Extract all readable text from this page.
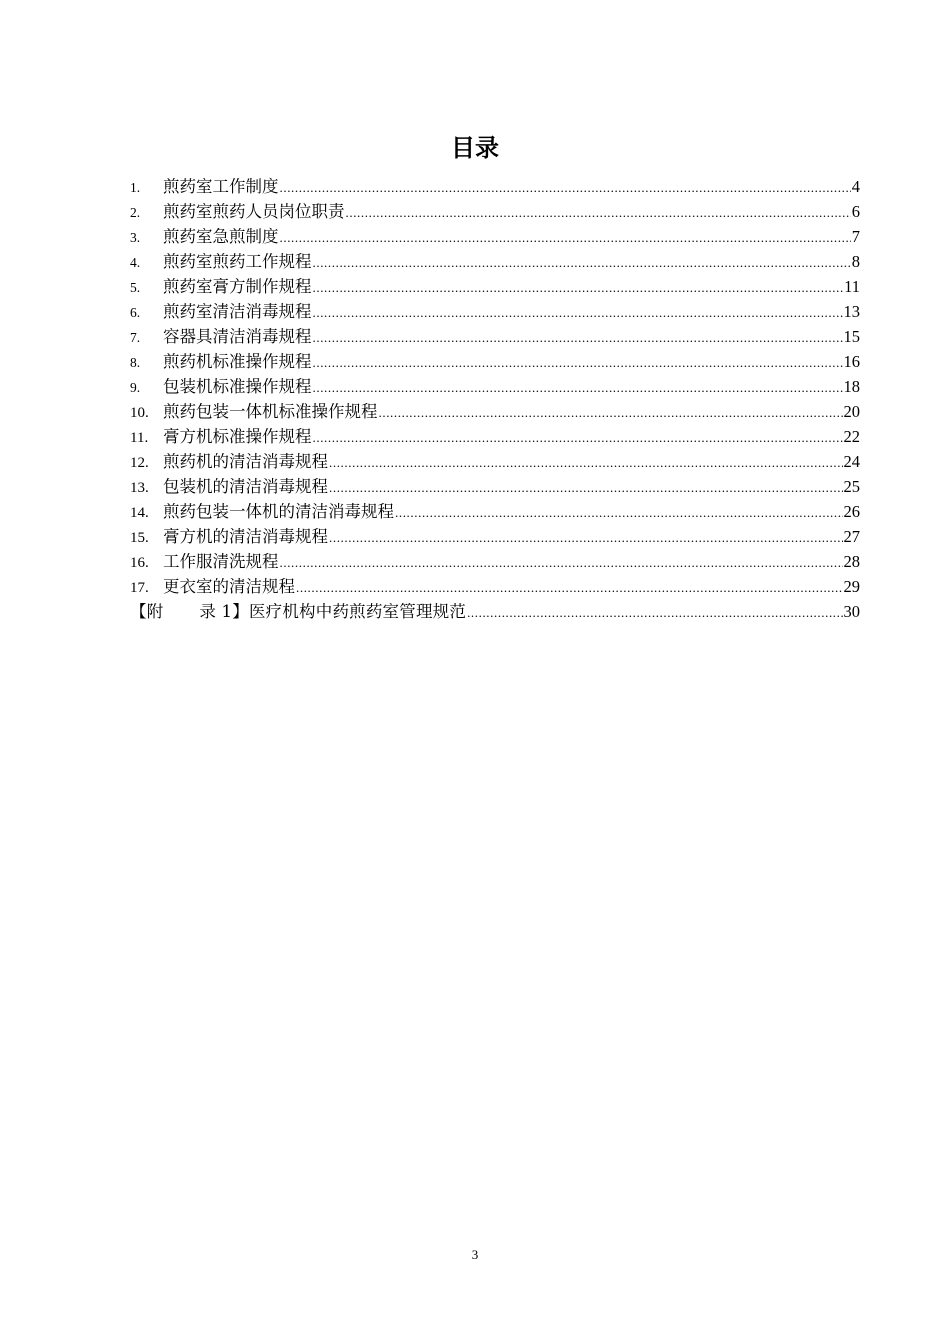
目录
1.	煎药室工作制度 .....	4
2.	煎药室煎药人员岗位职责 .....	6
3.	煎药室急煎制度 .....	7
4.	煎药室煎药工作规程 .....	8
5.	煎药室膏方制作规程 .....	11
6.	煎药室清洁消毒规程 .....	13
7.	容器具清洁消毒规程 .....	15
8.	煎药机标准操作规程 .....	16
9.	包装机标准操作规程 .....	18
10. 煎药包装一体机标准操作规程 .....	20
11. 膏方机标准操作规程 .....	22
12. 煎药机的清洁消毒规程 .....	24
13. 包装机的清洁消毒规程 .....	25
14. 煎药包装一体机的清洁消毒规程 .....	26
15. 膏方机的清洁消毒规程 .....	27
16. 工作服清洗规程 .....	28
17. 更衣室的清洁规程 .....	29
【附 录 1】医疗机构中药煎药室管理规范 .....	30
3
